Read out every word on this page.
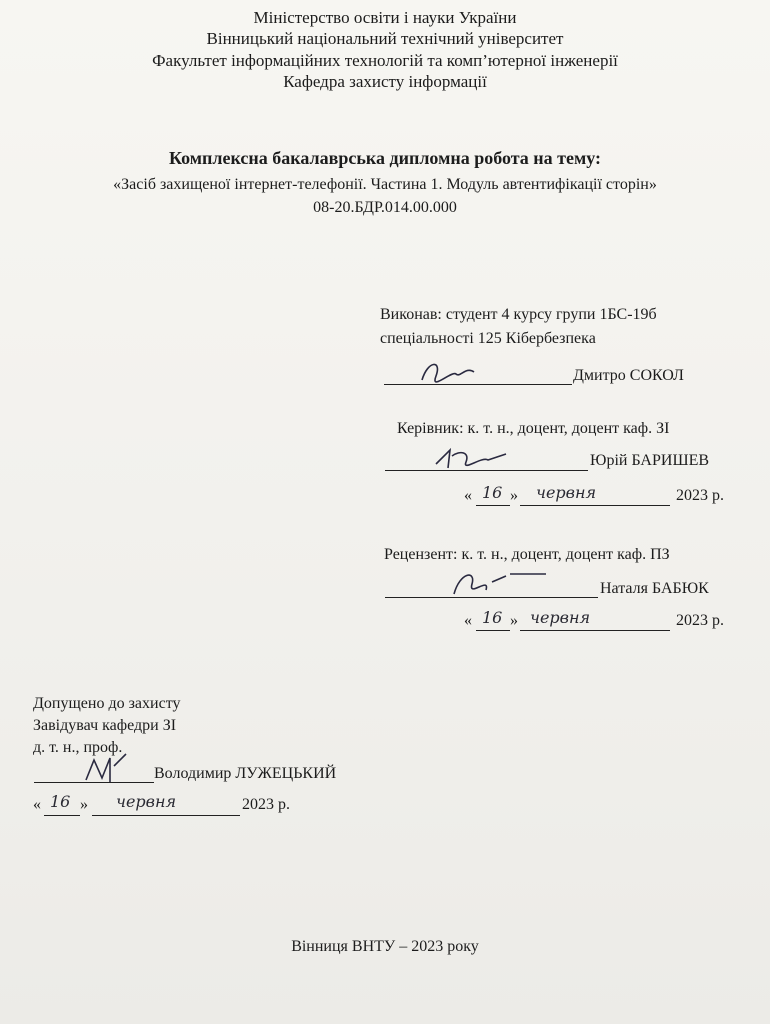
Міністерство освіти і науки України
Вінницький національний технічний університет
Факультет інформаційних технологій та комп’ютерної інженерії
Кафедра захисту інформації
Комплексна бакалаврська дипломна робота на тему:
«Засіб захищеної інтернет-телефонії. Частина 1. Модуль автентифікації сторін»
08-20.БДР.014.00.000
Виконав: студент 4 курсу групи 1БС-19б
спеціальності 125 Кібербезпека
Дмитро СОКОЛ
Керівник: к. т. н., доцент, доцент каф. ЗІ
Юрій БАРИШЕВ
« 16 » червня	2023 р.
Рецензент: к. т. н., доцент, доцент каф. ПЗ
Наталя БАБЮК
« 16 » червня	2023 р.
Допущено до захисту
Завідувач кафедри ЗІ
д. т. н., проф.
Володимир ЛУЖЕЦЬКИЙ
« 16 » червня	2023 р.
Вінниця ВНТУ – 2023 року
